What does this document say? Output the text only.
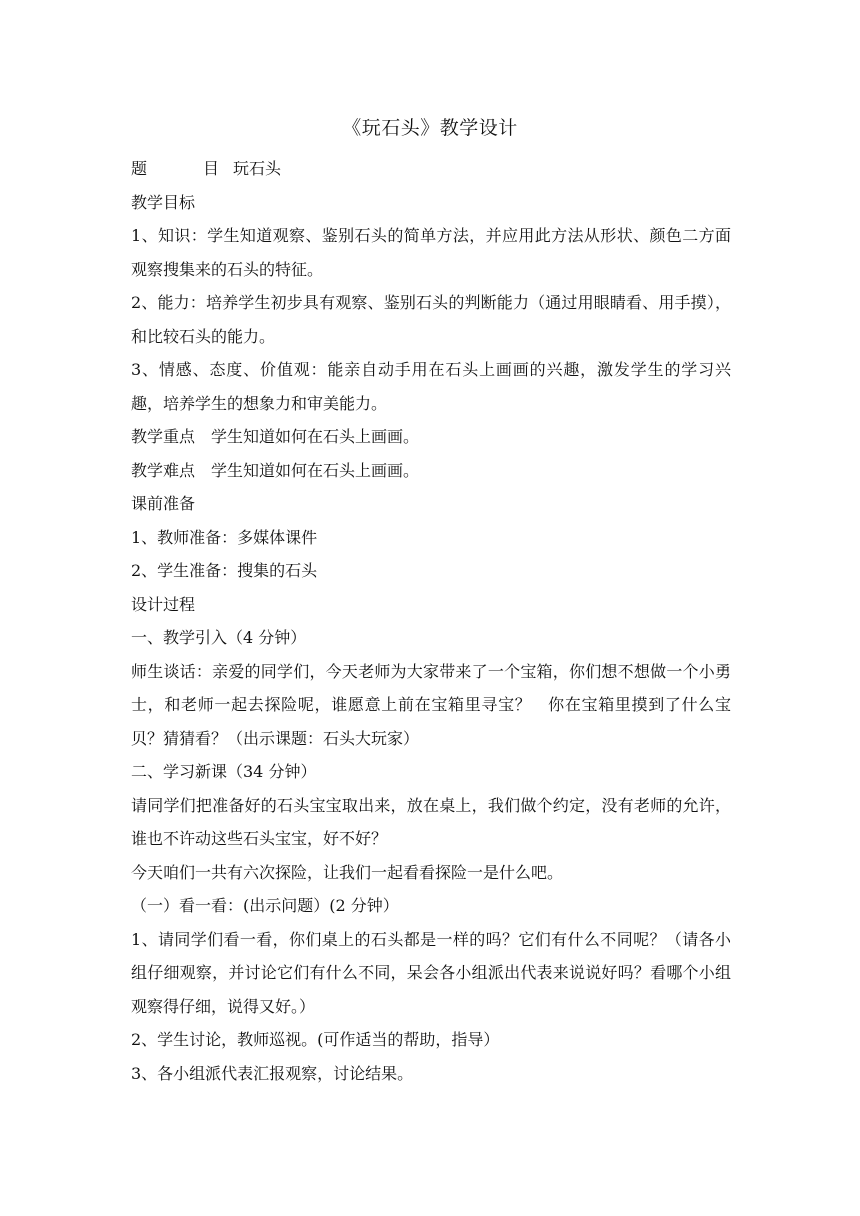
《玩石头》教学设计

题	目 玩石头

教学目标

1、知识：学生知道观察、鉴别石头的简单方法，并应用此方法从形状、颜色二方面观察搜集来的石头的特征。

2、能力：培养学生初步具有观察、鉴别石头的判断能力（通过用眼睛看、用手摸），和比较石头的能力。

3、情感、态度、价值观：能亲自动手用在石头上画画的兴趣，激发学生的学习兴趣，培养学生的想象力和审美能力。

教学重点 学生知道如何在石头上画画。

教学难点 学生知道如何在石头上画画。

课前准备

1、教师准备：多媒体课件

2、学生准备：搜集的石头

设计过程

一、教学引入（4 分钟）

师生谈话：亲爱的同学们，今天老师为大家带来了一个宝箱，你们想不想做一个小勇士，和老师一起去探险呢，谁愿意上前在宝箱里寻宝？　你在宝箱里摸到了什么宝贝？猜猜看？（出示课题：石头大玩家）

二、学习新课（34 分钟）

请同学们把准备好的石头宝宝取出来，放在桌上，我们做个约定，没有老师的允许，谁也不许动这些石头宝宝，好不好？

今天咱们一共有六次探险，让我们一起看看探险一是什么吧。

（一）看一看：(出示问题）(2 分钟）

1、请同学们看一看，你们桌上的石头都是一样的吗？它们有什么不同呢？（请各小组仔细观察，并讨论它们有什么不同，呆会各小组派出代表来说说好吗？看哪个小组观察得仔细，说得又好。）

2、学生讨论，教师巡视。(可作适当的帮助，指导）

3、各小组派代表汇报观察，讨论结果。
